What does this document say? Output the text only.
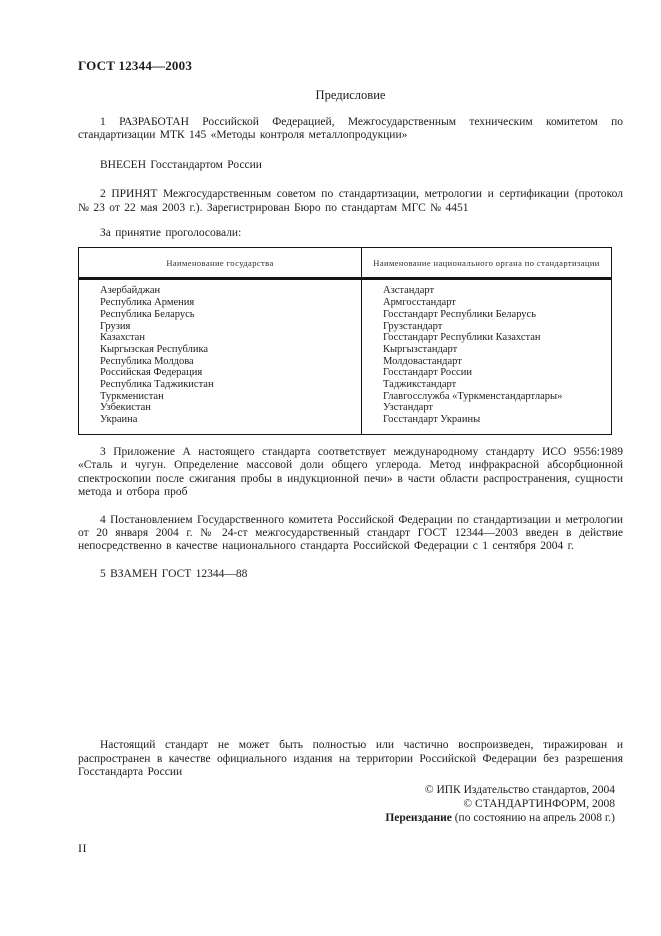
ГОСТ 12344—2003
Предисловие

1 РАЗРАБОТАН Российской Федерацией, Межгосударственным техническим комитетом по стандартизации МТК 145 «Методы контроля металлопродукции»

ВНЕСЕН Госстандартом России

2 ПРИНЯТ Межгосударственным советом по стандартизации, метрологии и сертификации (протокол № 23 от 22 мая 2003 г.). Зарегистрирован Бюро по стандартам МГС № 4451

За принятие проголосовали:

Наименование государства	Наименование национального органа по стандартизации
Азербайджан	Азстандарт
Республика Армения	Армгосстандарт
Республика Беларусь	Госстандарт Республики Беларусь
Грузия	Грузстандарт
Казахстан	Госстандарт Республики Казахстан
Кыргызская Республика	Кыргызстандарт
Республика Молдова	Молдовастандарт
Российская Федерация	Госстандарт России
Республика Таджикистан	Таджикстандарт
Туркменистан	Главгосслужба «Туркменстандартлары»
Узбекистан	Узстандарт
Украина	Госстандарт Украины

3 Приложение А настоящего стандарта соответствует международному стандарту ИСО 9556:1989 «Сталь и чугун. Определение массовой доли общего углерода. Метод инфракрасной абсорбционной спектроскопии после сжигания пробы в индукционной печи» в части области распространения, сущности метода и отбора проб

4 Постановлением Государственного комитета Российской Федерации по стандартизации и метрологии от 20 января 2004 г. № 24-ст межгосударственный стандарт ГОСТ 12344—2003 введен в действие непосредственно в качестве национального стандарта Российской Федерации с 1 сентября 2004 г.

5 ВЗАМЕН ГОСТ 12344—88

Настоящий стандарт не может быть полностью или частично воспроизведен, тиражирован и распространен в качестве официального издания на территории Российской Федерации без разрешения Госстандарта России

© ИПК Издательство стандартов, 2004
© СТАНДАРТИНФОРМ, 2008
Переиздание (по состоянию на апрель 2008 г.)
II
